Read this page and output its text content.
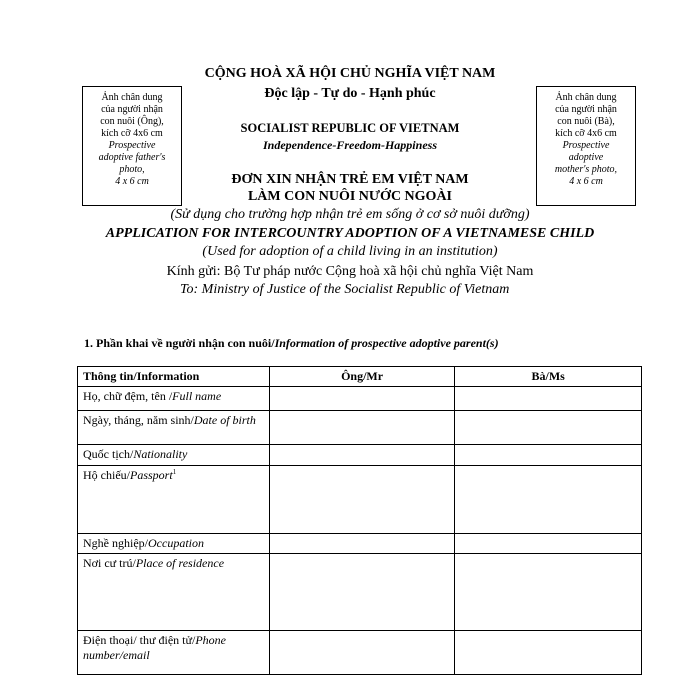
Ảnh chân dung
của người nhận
con nuôi (Ông),
kích cỡ 4x6 cm
Prospective
adoptive father's
photo,
4 x 6 cm
Ảnh chân dung
của người nhận
con nuôi (Bà),
kích cỡ 4x6 cm
Prospective
adoptive
mother's photo,
4 x 6 cm
CỘNG HOÀ XÃ HỘI CHỦ NGHĨA VIỆT NAM
Độc lập - Tự do - Hạnh phúc
SOCIALIST REPUBLIC OF VIETNAM
Independence-Freedom-Happiness
ĐƠN XIN NHẬN TRẺ EM VIỆT NAM
LÀM CON NUÔI NƯỚC NGOÀI
(Sử dụng cho trường hợp nhận trẻ em sống ở cơ sở nuôi dưỡng)
APPLICATION FOR INTERCOUNTRY ADOPTION OF A VIETNAMESE CHILD
(Used for adoption of a child living in an institution)
Kính gửi: Bộ Tư pháp nước Cộng hoà xã hội chủ nghĩa Việt Nam
To: Ministry of Justice of the Socialist Republic of Vietnam
1. Phần khai về người nhận con nuôi/Information of prospective adoptive parent(s)
Thông tin/Information	Ông/Mr	Bà/Ms
Họ, chữ đệm, tên /Full name		
Ngày, tháng, năm sinh/Date of birth		
Quốc tịch/Nationality		
Hộ chiếu/Passport$^1$		
Nghề nghiệp/Occupation		
Nơi cư trú/Place of residence		
Điện thoại/ thư điện tử/Phone number/email		
